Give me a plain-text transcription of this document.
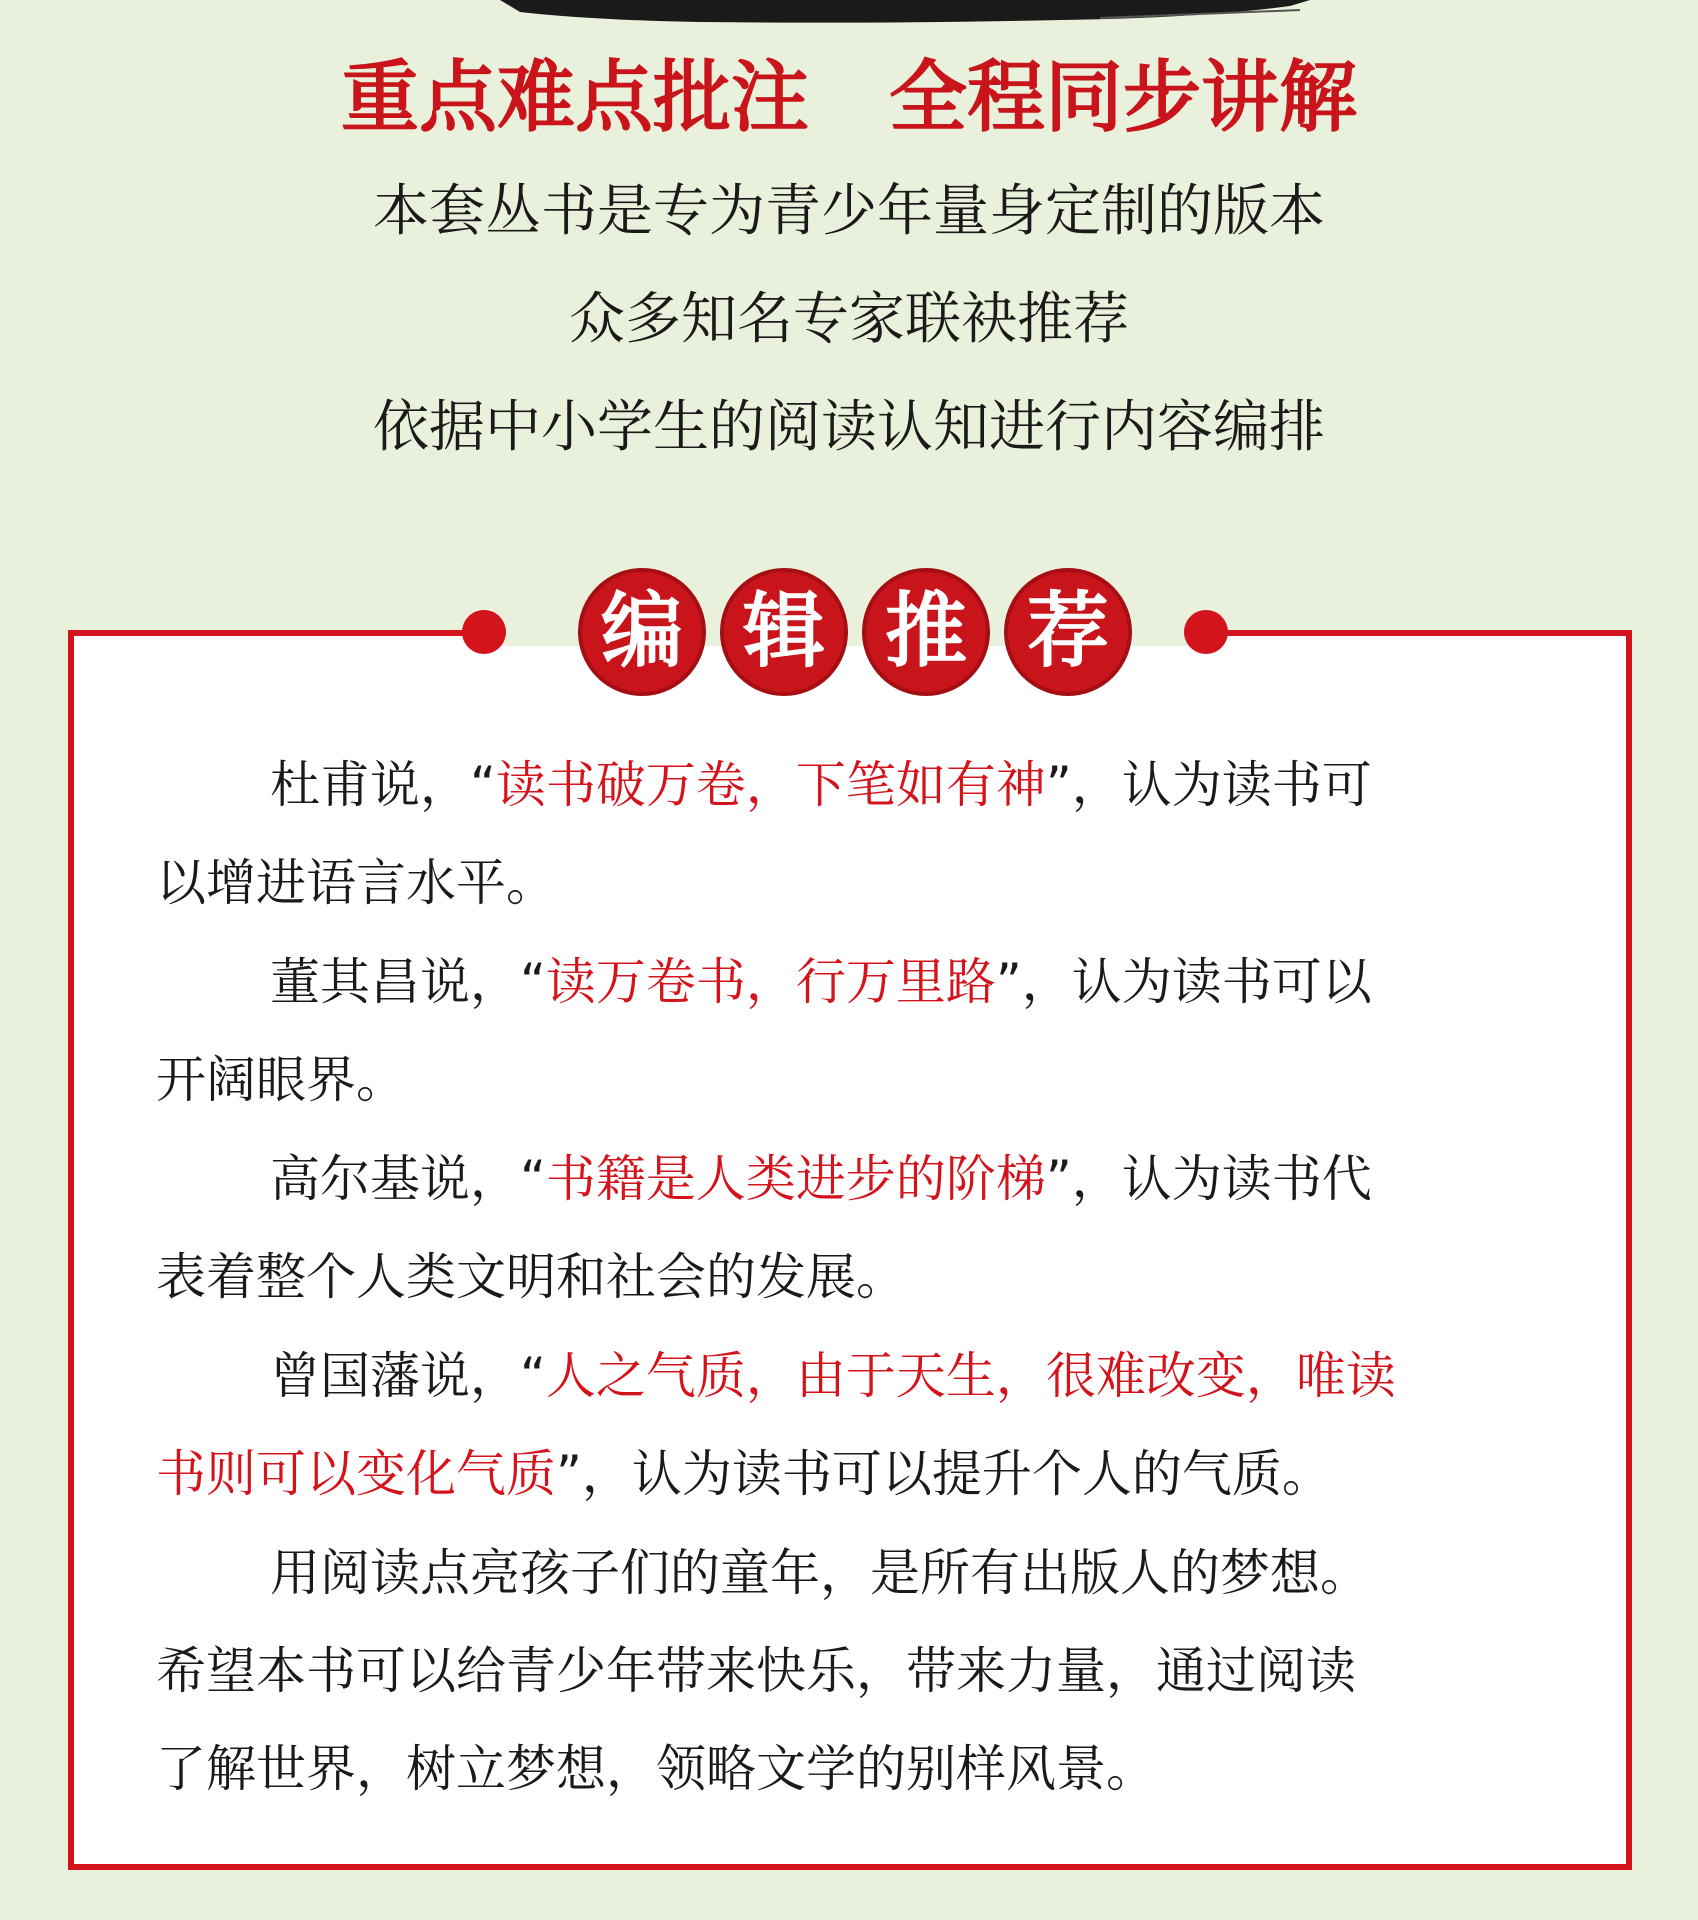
重点难点批注 全程同步讲解
本套丛书是专为青少年量身定制的版本
众多知名专家联袂推荐
依据中小学生的阅读认知进行内容编排
编 辑 推 荐
杜甫说，“读书破万卷，下笔如有神”，认为读书可
以增进语言水平。
董其昌说，“读万卷书，行万里路”，认为读书可以
开阔眼界。
高尔基说，“书籍是人类进步的阶梯”，认为读书代
表着整个人类文明和社会的发展。
曾国藩说，“人之气质，由于天生，很难改变，唯读
书则可以变化气质”，认为读书可以提升个人的气质。
用阅读点亮孩子们的童年，是所有出版人的梦想。
希望本书可以给青少年带来快乐，带来力量，通过阅读
了解世界，树立梦想，领略文学的别样风景。
